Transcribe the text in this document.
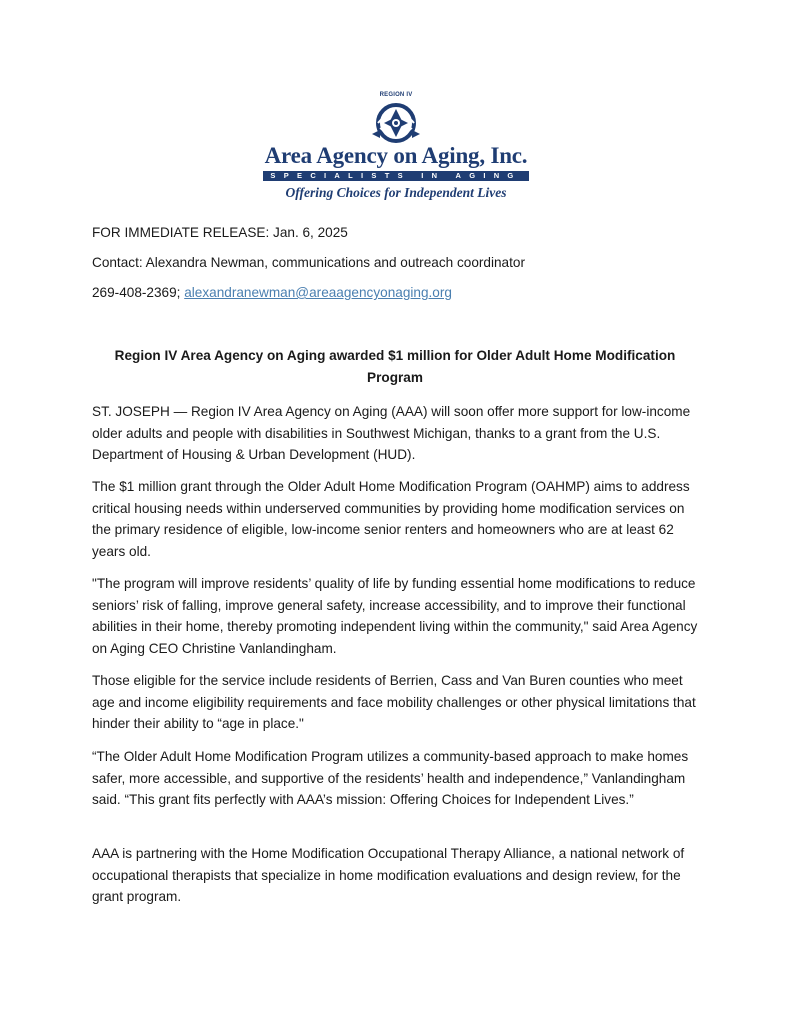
REGION IV
Area Agency on Aging, Inc.
SPECIALISTS IN AGING
Offering Choices for Independent Lives
FOR IMMEDIATE RELEASE: Jan. 6, 2025
Contact: Alexandra Newman, communications and outreach coordinator
269-408-2369; alexandranewman@areaagencyonaging.org
Region IV Area Agency on Aging awarded $1 million for Older Adult Home Modification Program
ST. JOSEPH — Region IV Area Agency on Aging (AAA) will soon offer more support for low-income older adults and people with disabilities in Southwest Michigan, thanks to a grant from the U.S. Department of Housing & Urban Development (HUD).
The $1 million grant through the Older Adult Home Modification Program (OAHMP) aims to address critical housing needs within underserved communities by providing home modification services on the primary residence of eligible, low-income senior renters and homeowners who are at least 62 years old.
"The program will improve residents’ quality of life by funding essential home modifications to reduce seniors’ risk of falling, improve general safety, increase accessibility, and to improve their functional abilities in their home, thereby promoting independent living within the community," said Area Agency on Aging CEO Christine Vanlandingham.
Those eligible for the service include residents of Berrien, Cass and Van Buren counties who meet age and income eligibility requirements and face mobility challenges or other physical limitations that hinder their ability to “age in place."
“The Older Adult Home Modification Program utilizes a community-based approach to make homes safer, more accessible, and supportive of the residents’ health and independence,” Vanlandingham said. “This grant fits perfectly with AAA’s mission: Offering Choices for Independent Lives.”
AAA is partnering with the Home Modification Occupational Therapy Alliance, a national network of occupational therapists that specialize in home modification evaluations and design review, for the grant program.
